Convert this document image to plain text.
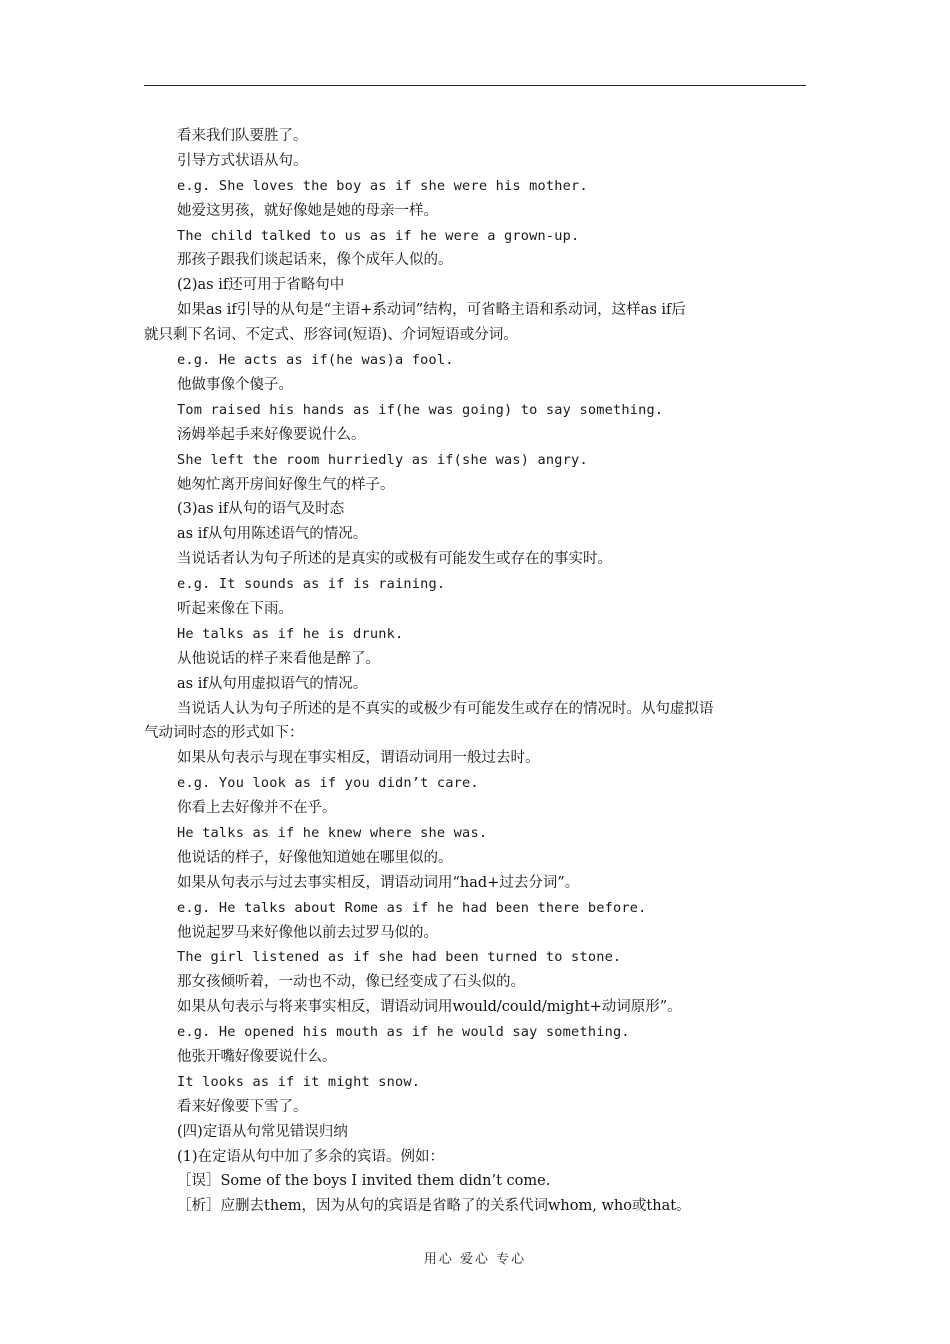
看来我们队要胜了。
引导方式状语从句。
e.g. She loves the boy as if she were his mother.
她爱这男孩，就好像她是她的母亲一样。
The child talked to us as if he were a grown-up.
那孩子跟我们谈起话来，像个成年人似的。
(2)as if还可用于省略句中
如果as if引导的从句是“主语+系动词”结构，可省略主语和系动词，这样as if后
就只剩下名词、不定式、形容词(短语)、介词短语或分词。
e.g. He acts as if(he was)a fool.
他做事像个傻子。
Tom raised his hands as if(he was going) to say something.
汤姆举起手来好像要说什么。
She left the room hurriedly as if(she was) angry.
她匆忙离开房间好像生气的样子。
(3)as if从句的语气及时态
as if从句用陈述语气的情况。
当说话者认为句子所述的是真实的或极有可能发生或存在的事实时。
e.g. It sounds as if is raining.
听起来像在下雨。
He talks as if he is drunk.
从他说话的样子来看他是醉了。
as if从句用虚拟语气的情况。
当说话人认为句子所述的是不真实的或极少有可能发生或存在的情况时。从句虚拟语
气动词时态的形式如下：
如果从句表示与现在事实相反，谓语动词用一般过去时。
e.g. You look as if you didn’t care.
你看上去好像并不在乎。
He talks as if he knew where she was.
他说话的样子，好像他知道她在哪里似的。
如果从句表示与过去事实相反，谓语动词用“had+过去分词”。
e.g. He talks about Rome as if he had been there before.
他说起罗马来好像他以前去过罗马似的。
The girl listened as if she had been turned to stone.
那女孩倾听着，一动也不动，像已经变成了石头似的。
如果从句表示与将来事实相反，谓语动词用would/could/might+动词原形”。
e.g. He opened his mouth as if he would say something.
他张开嘴好像要说什么。
It looks as if it might snow.
看来好像要下雪了。
(四)定语从句常见错误归纳
(1)在定语从句中加了多余的宾语。例如：
［误］Some of the boys I invited them didn’t come.
［析］应删去them，因为从句的宾语是省略了的关系代词whom, who或that。
用心 爱心 专心
